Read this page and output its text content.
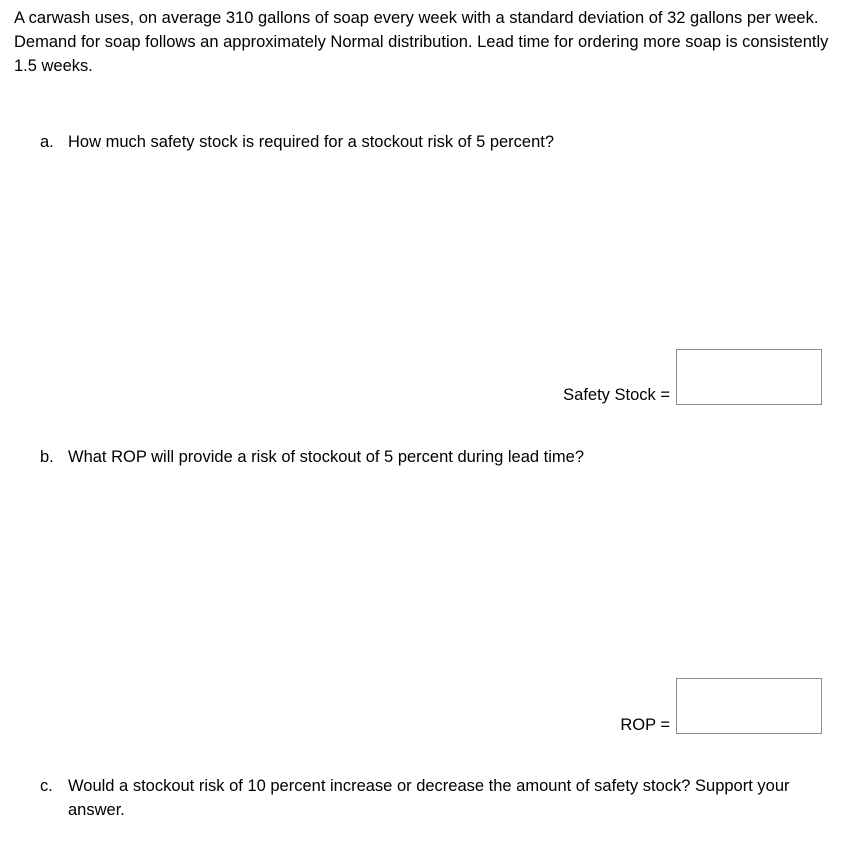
A carwash uses, on average 310 gallons of soap every week with a standard deviation of 32 gallons per week. Demand for soap follows an approximately Normal distribution. Lead time for ordering more soap is consistently 1.5 weeks.

a. How much safety stock is required for a stockout risk of 5 percent?
Safety Stock =
b. What ROP will provide a risk of stockout of 5 percent during lead time?
ROP =
c. Would a stockout risk of 10 percent increase or decrease the amount of safety stock? Support your answer.
